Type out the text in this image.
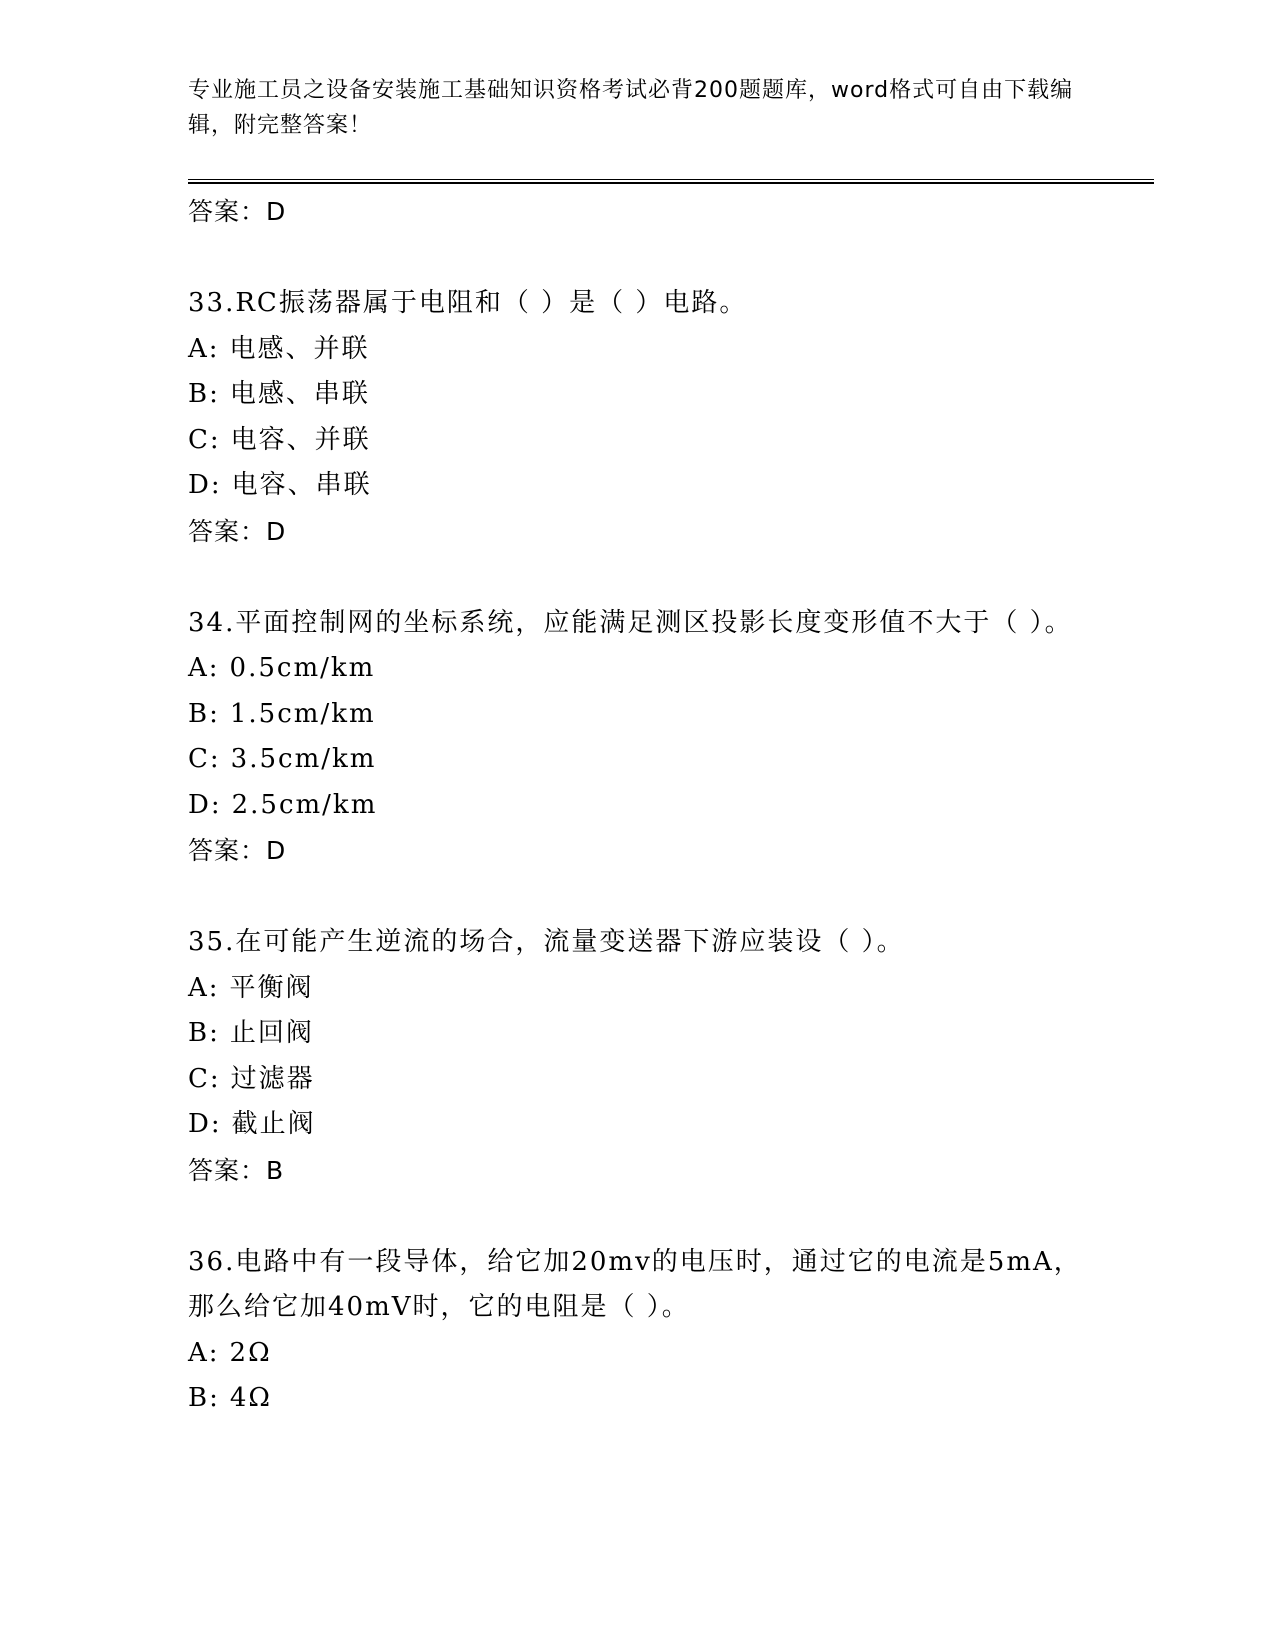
专业施工员之设备安装施工基础知识资格考试必背200题题库，word格式可自由下载编辑，附完整答案！
答案：D
33.RC振荡器属于电阻和（ ）是（ ）电路。
A: 电感、并联
B: 电感、串联
C: 电容、并联
D: 电容、串联
答案：D
34.平面控制网的坐标系统，应能满足测区投影长度变形值不大于（ ）。
A: 0.5cm/km
B: 1.5cm/km
C: 3.5cm/km
D: 2.5cm/km
答案：D
35.在可能产生逆流的场合，流量变送器下游应装设（ ）。
A: 平衡阀
B: 止回阀
C: 过滤器
D: 截止阀
答案：B
36.电路中有一段导体，给它加20mv的电压时，通过它的电流是5mA，那么给它加40mV时，它的电阻是（ ）。
A: 2Ω
B: 4Ω
